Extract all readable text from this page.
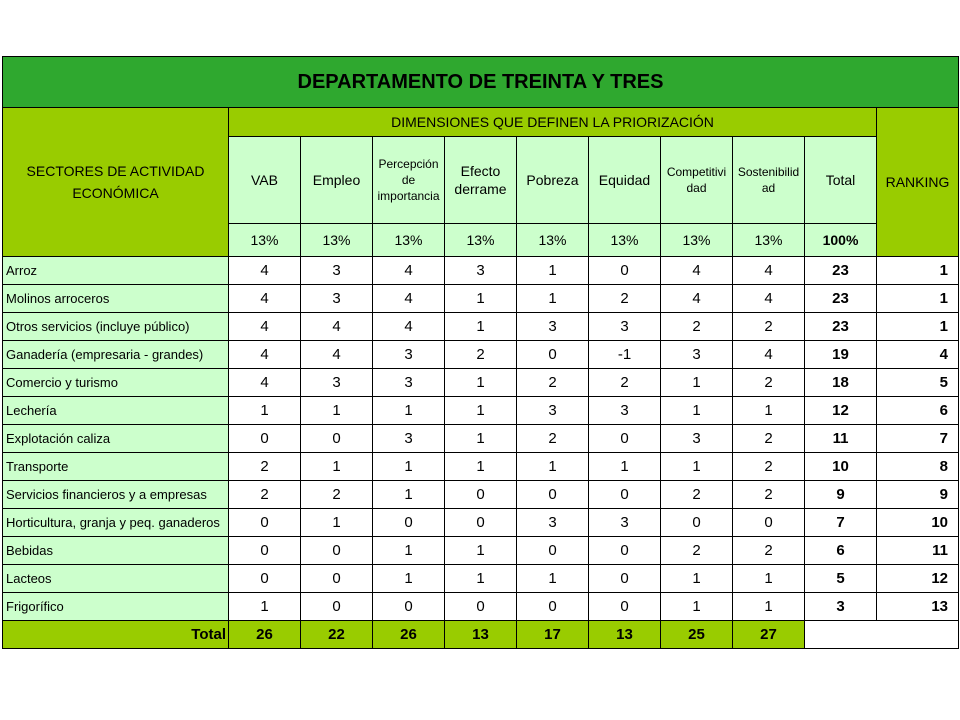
DEPARTAMENTO DE TREINTA Y TRES										
SECTORES DE ACTIVIDAD ECONÓMICA	DIMENSIONES QUE DEFINEN LA PRIORIZACIÓN									RANKING
	VAB	Empleo	Percepción de importancia	Efecto derrame	Pobreza	Equidad	Competitivi dad	Sostenibilid ad	Total	
	13%	13%	13%	13%	13%	13%	13%	13%	100%	
Arroz	4	3	4	3	1	0	4	4	23	1
Molinos arroceros	4	3	4	1	1	2	4	4	23	1
Otros servicios (incluye público)	4	4	4	1	3	3	2	2	23	1
Ganadería (empresaria - grandes)	4	4	3	2	0	-1	3	4	19	4
Comercio y turismo	4	3	3	1	2	2	1	2	18	5
Lechería	1	1	1	1	3	3	1	1	12	6
Explotación caliza	0	0	3	1	2	0	3	2	11	7
Transporte	2	1	1	1	1	1	1	2	10	8
Servicios financieros y a empresas	2	2	1	0	0	0	2	2	9	9
Horticultura, granja y peq. ganaderos	0	1	0	0	3	3	0	0	7	10
Bebidas	0	0	1	1	0	0	2	2	6	11
Lacteos	0	0	1	1	1	0	1	1	5	12
Frigorífico	1	0	0	0	0	0	1	1	3	13
Total	26	22	26	13	17	13	25	27		
